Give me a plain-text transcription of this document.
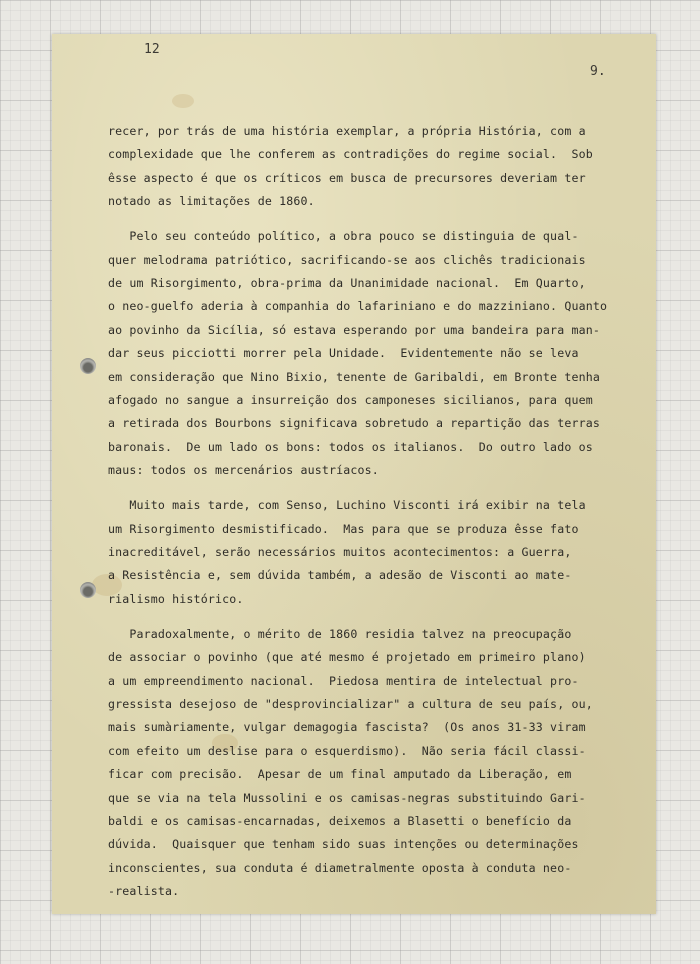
12
9.
recer, por trás de uma história exemplar, a própria História, com a
complexidade que lhe conferem as contradições do regime social.  Sob
êsse aspecto é que os críticos em busca de precursores deveriam ter
notado as limitações de 1860.
Pelo seu conteúdo político, a obra pouco se distinguia de qual-
quer melodrama patriótico, sacrificando-se aos clichês tradicionais
de um Risorgimento, obra-prima da Unanimidade nacional.  Em Quarto,
o neo-guelfo aderia à companhia do lafariniano e do mazziniano. Quanto
ao povinho da Sicília, só estava esperando por uma bandeira para man-
dar seus picciotti morrer pela Unidade.  Evidentemente não se leva
em consideração que Nino Bixio, tenente de Garibaldi, em Bronte tenha
afogado no sangue a insurreição dos camponeses sicilianos, para quem
a retirada dos Bourbons significava sobretudo a repartição das terras
baronais.  De um lado os bons: todos os italianos.  Do outro lado os
maus: todos os mercenários austríacos.
Muito mais tarde, com Senso, Luchino Visconti irá exibir na tela
um Risorgimento desmistificado.  Mas para que se produza êsse fato
inacreditável, serão necessários muitos acontecimentos: a Guerra,
a Resistência e, sem dúvida também, a adesão de Visconti ao mate-
rialismo histórico.
Paradoxalmente, o mérito de 1860 residia talvez na preocupação
de associar o povinho (que até mesmo é projetado em primeiro plano)
a um empreendimento nacional.  Piedosa mentira de intelectual pro-
gressista desejoso de "desprovincializar" a cultura de seu país, ou,
mais sumàriamente, vulgar demagogia fascista?  (Os anos 31-33 viram
com efeito um deslise para o esquerdismo).  Não seria fácil classi-
ficar com precisão.  Apesar de um final amputado da Liberação, em
que se via na tela Mussolini e os camisas-negras substituindo Gari-
baldi e os camisas-encarnadas, deixemos a Blasetti o benefício da
dúvida.  Quaisquer que tenham sido suas intenções ou determinações
inconscientes, sua conduta é diametralmente oposta à conduta neo-
-realista.
